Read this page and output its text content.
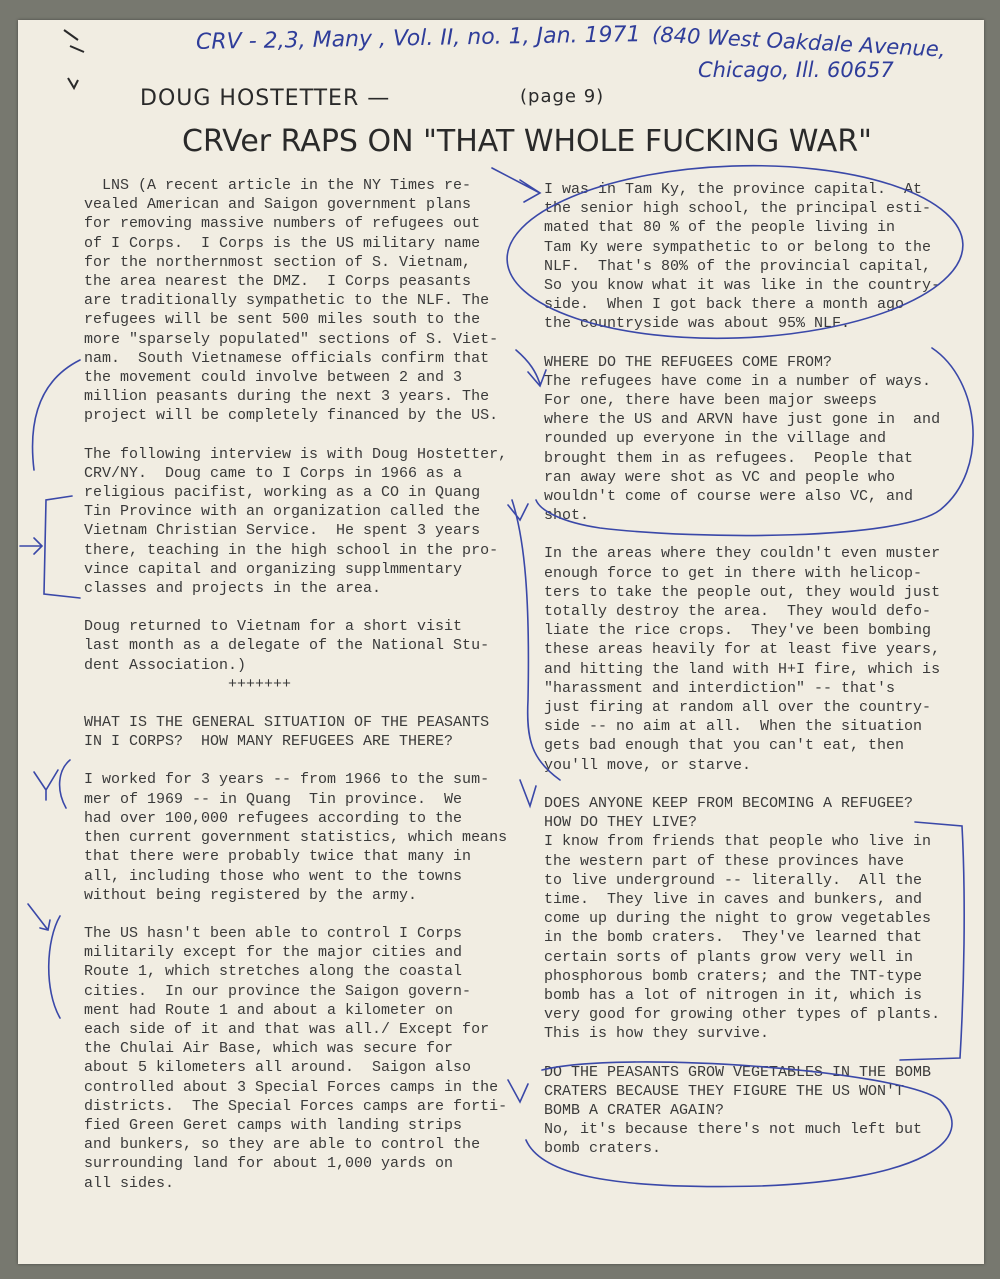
CRV - 2,3, Many , Vol. II, no. 1, Jan. 1971 (840 West Oakdale Avenue,

Chicago, Ill. 60657

DOUG HOSTETTER —	(page 9)

CRVer RAPS ON "THAT WHOLE FUCKING WAR"

LNS (A recent article in the NY Times re-
vealed American and Saigon government plans
for removing massive numbers of refugees out
of I Corps.  I Corps is the US military name
for the northernmost section of S. Vietnam,
the area nearest the DMZ.  I Corps peasants
are traditionally sympathetic to the NLF. The
refugees will be sent 500 miles south to the
more "sparsely populated" sections of S. Viet-
nam.  South Vietnamese officials confirm that
the movement could involve between 2 and 3
million peasants during the next 3 years. The
project will be completely financed by the US.

The following interview is with Doug Hostetter,
CRV/NY.  Doug came to I Corps in 1966 as a
religious pacifist, working as a CO in Quang
Tin Province with an organization called the
Vietnam Christian Service.  He spent 3 years
there, teaching in the high school in the pro-
vince capital and organizing supplmmentary
classes and projects in the area.

Doug returned to Vietnam for a short visit
last month as a delegate of the National Stu-
dent Association.)

+++++++

WHAT IS THE GENERAL SITUATION OF THE PEASANTS
IN I CORPS?  HOW MANY REFUGEES ARE THERE?

I worked for 3 years -- from 1966 to the sum-
mer of 1969 -- in Quang  Tin province.  We
had over 100,000 refugees according to the
then current government statistics, which means
that there were probably twice that many in
all, including those who went to the towns
without being registered by the army.

The US hasn't been able to control I Corps
militarily except for the major cities and
Route 1, which stretches along the coastal
cities.  In our province the Saigon govern-
ment had Route 1 and about a kilometer on
each side of it and that was all./ Except for
the Chulai Air Base, which was secure for
about 5 kilometers all around.  Saigon also
controlled about 3 Special Forces camps in the
districts.  The Special Forces camps are forti-
fied Green Geret camps with landing strips
and bunkers, so they are able to control the
surrounding land for about 1,000 yards on
all sides.

I was in Tam Ky, the province capital.  At
the senior high school, the principal esti-
mated that 80 % of the people living in
Tam Ky were sympathetic to or belong to the
NLF.  That's 80% of the provincial capital,
So you know what it was like in the country-
side.  When I got back there a month ago
the countryside was about 95% NLF.

WHERE DO THE REFUGEES COME FROM?

The refugees have come in a number of ways.
For one, there have been major sweeps
where the US and ARVN have just gone in  and
rounded up everyone in the village and
brought them in as refugees.  People that
ran away were shot as VC and people who
wouldn't come of course were also VC, and
shot.

In the areas where they couldn't even muster
enough force to get in there with helicop-
ters to take the people out, they would just
totally destroy the area.  They would defo-
liate the rice crops.  They've been bombing
these areas heavily for at least five years,
and hitting the land with H+I fire, which is
"harassment and interdiction" -- that's
just firing at random all over the country-
side -- no aim at all.  When the situation
gets bad enough that you can't eat, then
you'll move, or starve.

DOES ANYONE KEEP FROM BECOMING A REFUGEE?
HOW DO THEY LIVE?

I know from friends that people who live in
the western part of these provinces have
to live underground -- literally.  All the
time.  They live in caves and bunkers, and
come up during the night to grow vegetables
in the bomb craters.  They've learned that
certain sorts of plants grow very well in
phosphorous bomb craters; and the TNT-type
bomb has a lot of nitrogen in it, which is
very good for growing other types of plants.
This is how they survive.

DO THE PEASANTS GROW VEGETABLES IN THE BOMB
CRATERS BECAUSE THEY FIGURE THE US WON'T
BOMB A CRATER AGAIN?

No, it's because there's not much left but
bomb craters.
